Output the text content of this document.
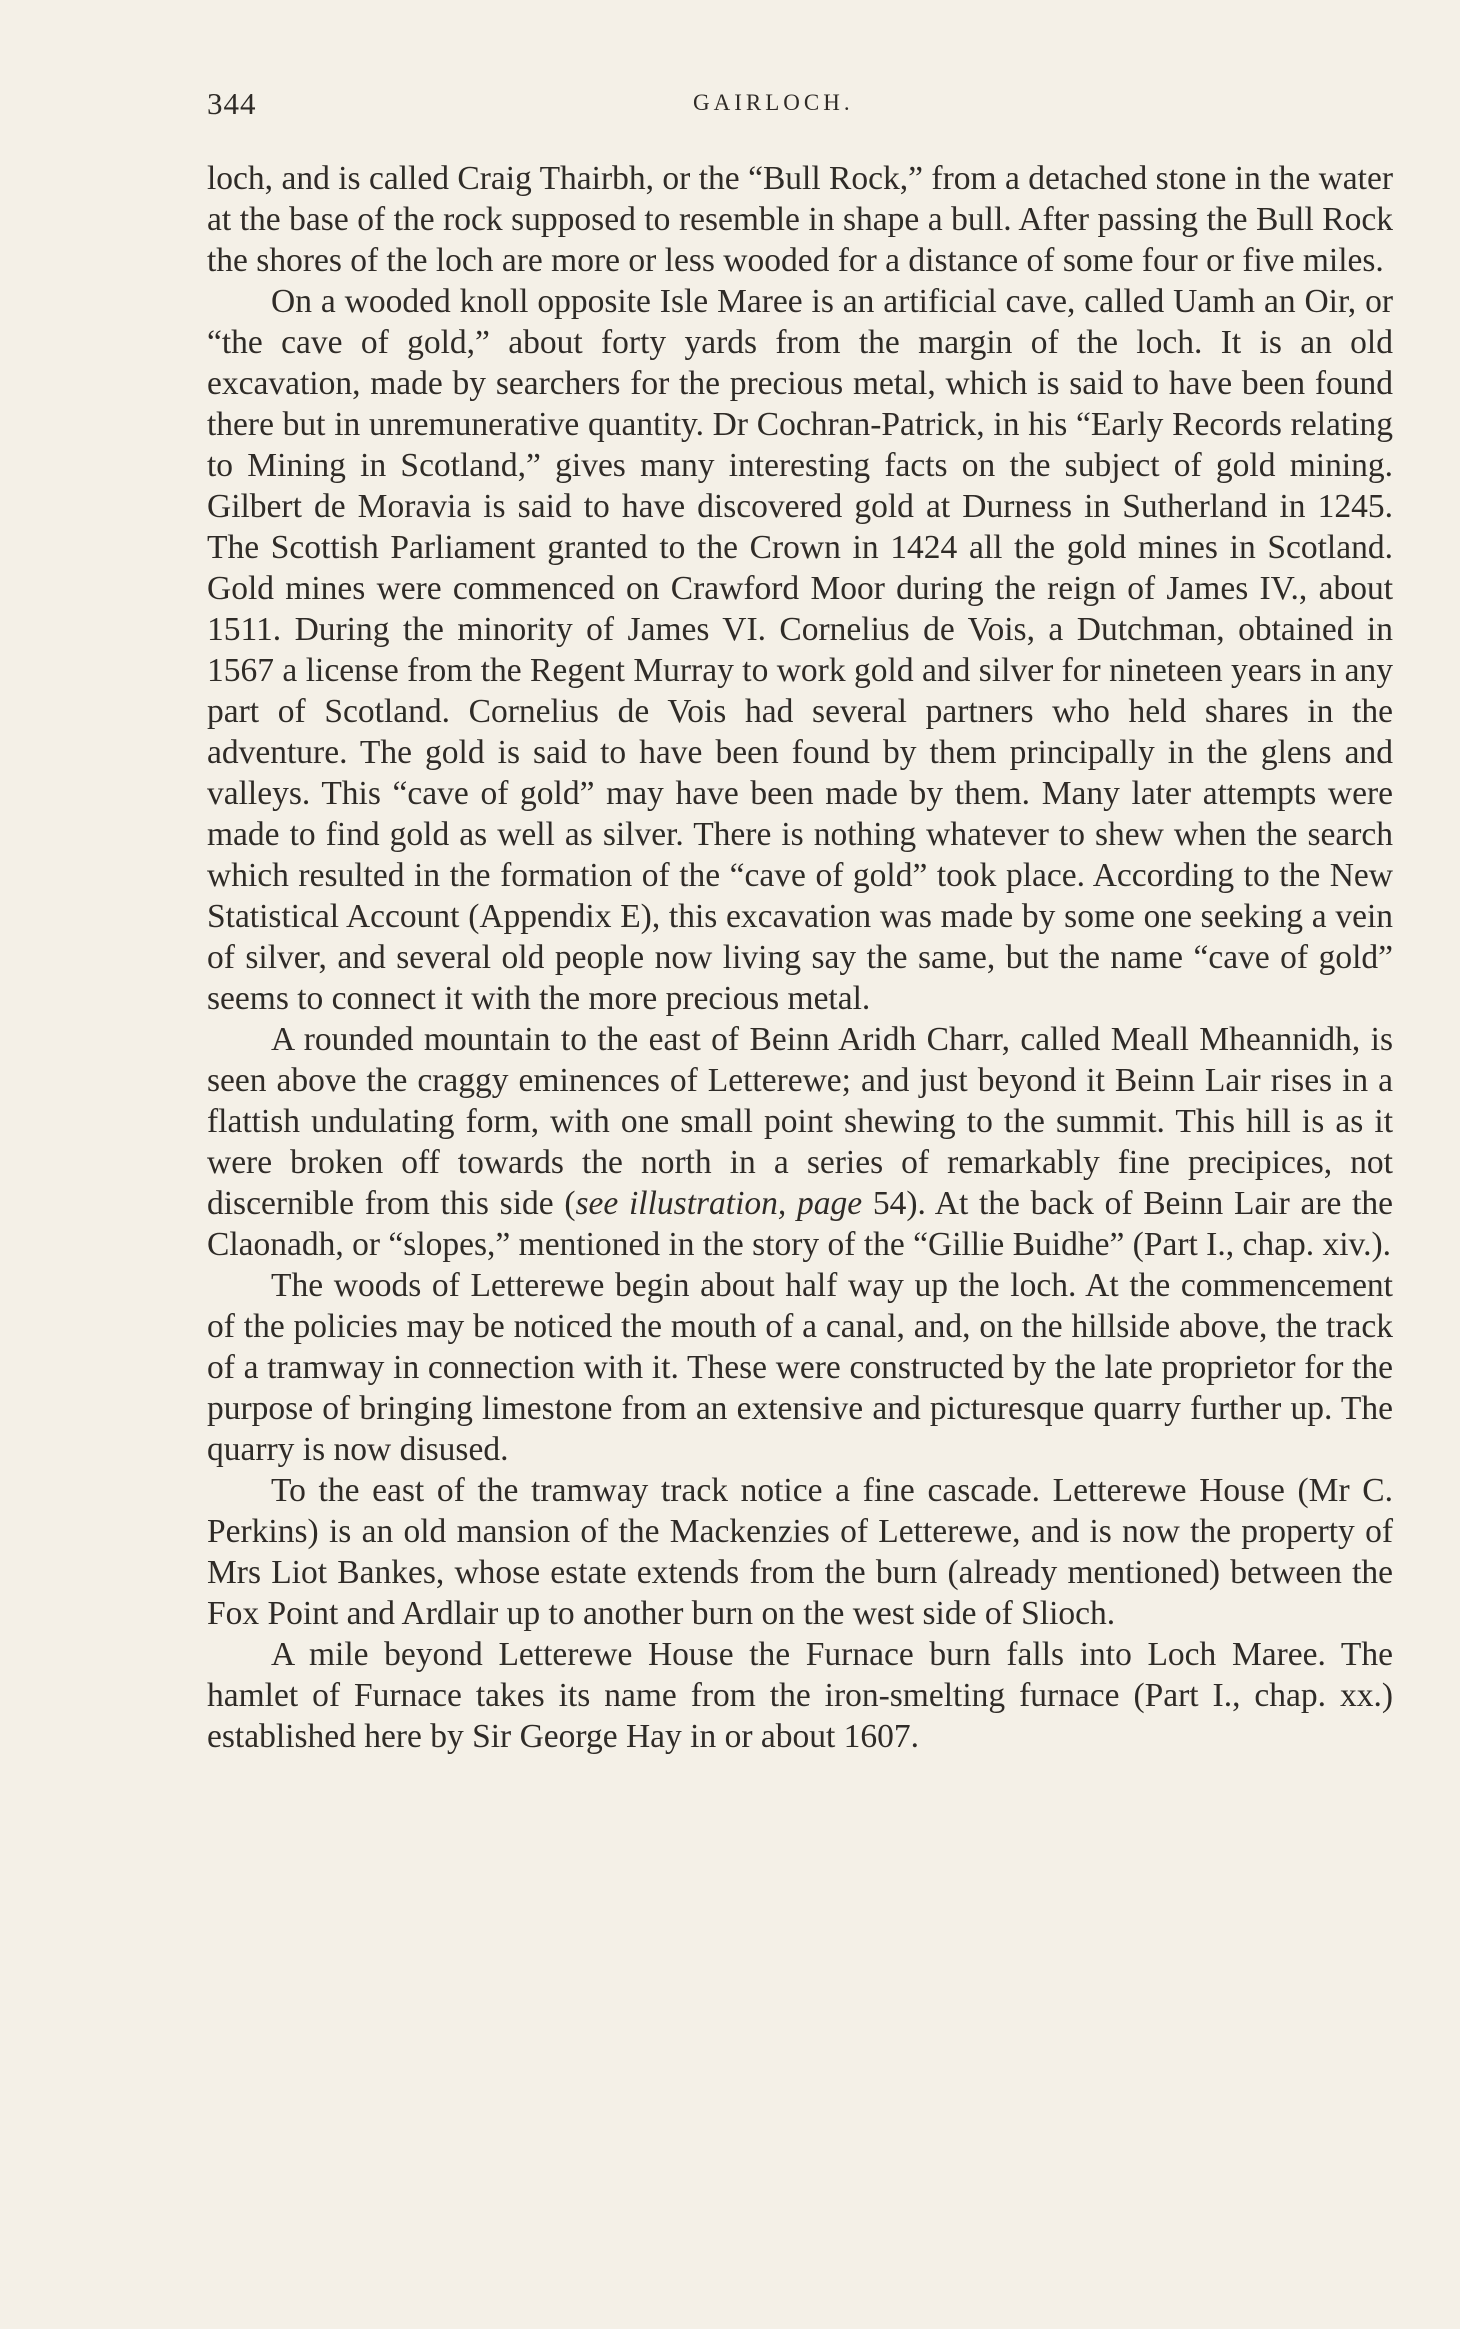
344	GAIRLOCH.

loch, and is called Craig Thairbh, or the “Bull Rock,” from a detached stone in the water at the base of the rock supposed to resemble in shape a bull. After passing the Bull Rock the shores of the loch are more or less wooded for a distance of some four or five miles.

On a wooded knoll opposite Isle Maree is an artificial cave, called Uamh an Oir, or “the cave of gold,” about forty yards from the margin of the loch. It is an old excavation, made by searchers for the precious metal, which is said to have been found there but in unremunerative quantity. Dr Cochran-Patrick, in his “Early Records relating to Mining in Scotland,” gives many interesting facts on the subject of gold mining. Gilbert de Moravia is said to have discovered gold at Durness in Sutherland in 1245. The Scottish Parliament granted to the Crown in 1424 all the gold mines in Scotland. Gold mines were commenced on Crawford Moor during the reign of James IV., about 1511. During the minority of James VI. Cornelius de Vois, a Dutchman, obtained in 1567 a license from the Regent Murray to work gold and silver for nineteen years in any part of Scotland. Cornelius de Vois had several partners who held shares in the adventure. The gold is said to have been found by them principally in the glens and valleys. This “cave of gold” may have been made by them. Many later attempts were made to find gold as well as silver. There is nothing whatever to shew when the search which resulted in the formation of the “cave of gold” took place. According to the New Statistical Account (Appendix E), this excavation was made by some one seeking a vein of silver, and several old people now living say the same, but the name “cave of gold” seems to connect it with the more precious metal.

A rounded mountain to the east of Beinn Aridh Charr, called Meall Mheannidh, is seen above the craggy eminences of Letterewe; and just beyond it Beinn Lair rises in a flattish undulating form, with one small point shewing to the summit. This hill is as it were broken off towards the north in a series of remarkably fine precipices, not discernible from this side (see illustration, page 54). At the back of Beinn Lair are the Claonadh, or “slopes,” mentioned in the story of the “Gillie Buidhe” (Part I., chap. xiv.).

The woods of Letterewe begin about half way up the loch. At the commencement of the policies may be noticed the mouth of a canal, and, on the hillside above, the track of a tramway in connection with it. These were constructed by the late proprietor for the purpose of bringing limestone from an extensive and picturesque quarry further up. The quarry is now disused.

To the east of the tramway track notice a fine cascade. Letterewe House (Mr C. Perkins) is an old mansion of the Mackenzies of Letterewe, and is now the property of Mrs Liot Bankes, whose estate extends from the burn (already mentioned) between the Fox Point and Ardlair up to another burn on the west side of Slioch.

A mile beyond Letterewe House the Furnace burn falls into Loch Maree. The hamlet of Furnace takes its name from the iron-smelting furnace (Part I., chap. xx.) established here by Sir George Hay in or about 1607.
